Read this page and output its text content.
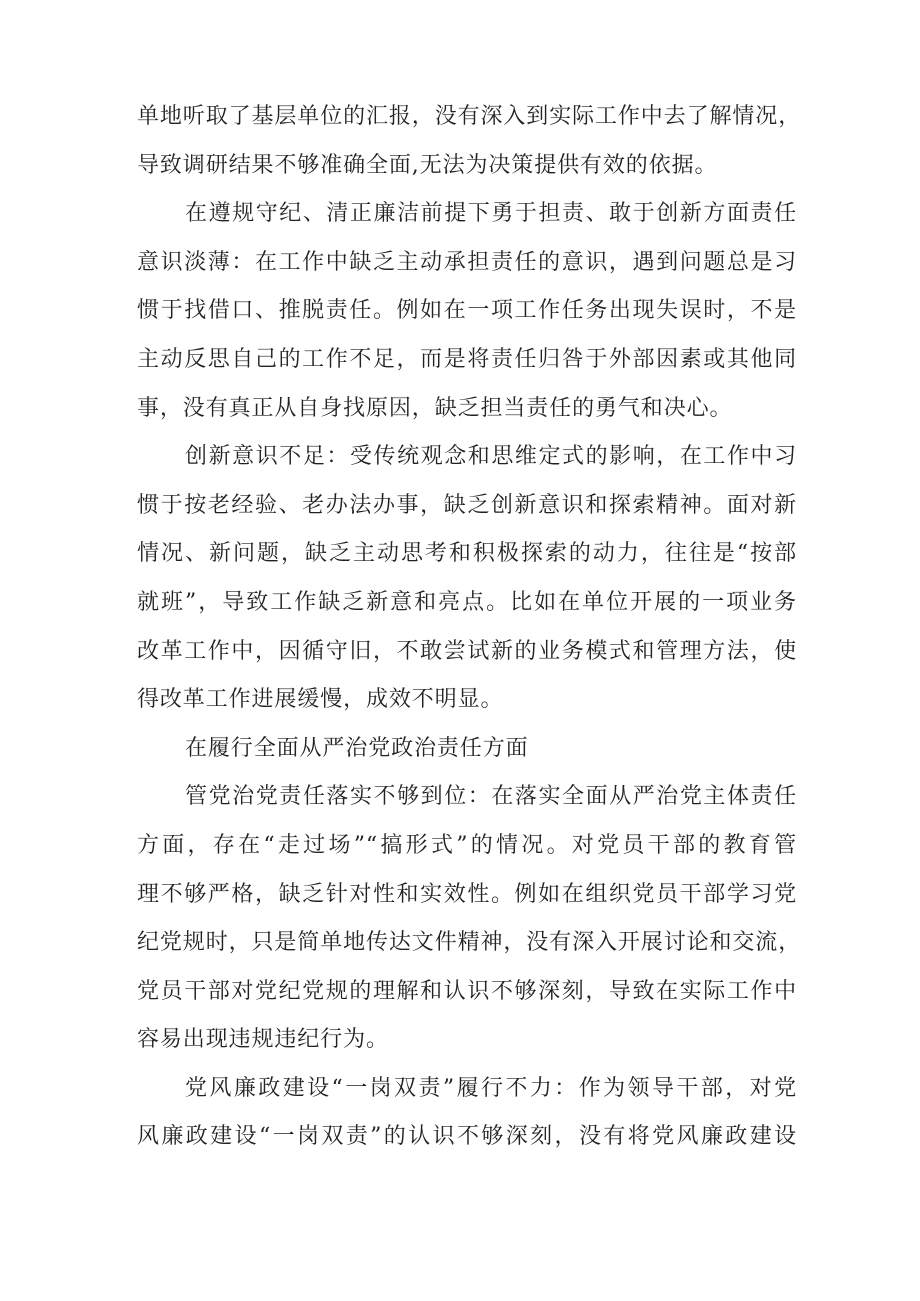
单地听取了基层单位的汇报，没有深入到实际工作中去了解情况，
导致调研结果不够准确全面,无法为决策提供有效的依据。
在遵规守纪、清正廉洁前提下勇于担责、敢于创新方面责任
意识淡薄：在工作中缺乏主动承担责任的意识，遇到问题总是习
惯于找借口、推脱责任。例如在一项工作任务出现失误时，不是
主动反思自己的工作不足，而是将责任归咎于外部因素或其他同
事，没有真正从自身找原因，缺乏担当责任的勇气和决心。
创新意识不足：受传统观念和思维定式的影响，在工作中习
惯于按老经验、老办法办事，缺乏创新意识和探索精神。面对新
情况、新问题，缺乏主动思考和积极探索的动力，往往是“按部
就班”，导致工作缺乏新意和亮点。比如在单位开展的一项业务
改革工作中，因循守旧，不敢尝试新的业务模式和管理方法，使
得改革工作进展缓慢，成效不明显。
在履行全面从严治党政治责任方面
管党治党责任落实不够到位：在落实全面从严治党主体责任
方面，存在“走过场”“搞形式”的情况。对党员干部的教育管
理不够严格，缺乏针对性和实效性。例如在组织党员干部学习党
纪党规时，只是简单地传达文件精神，没有深入开展讨论和交流，
党员干部对党纪党规的理解和认识不够深刻，导致在实际工作中
容易出现违规违纪行为。
党风廉政建设“一岗双责”履行不力：作为领导干部，对党
风廉政建设“一岗双责”的认识不够深刻，没有将党风廉政建设
